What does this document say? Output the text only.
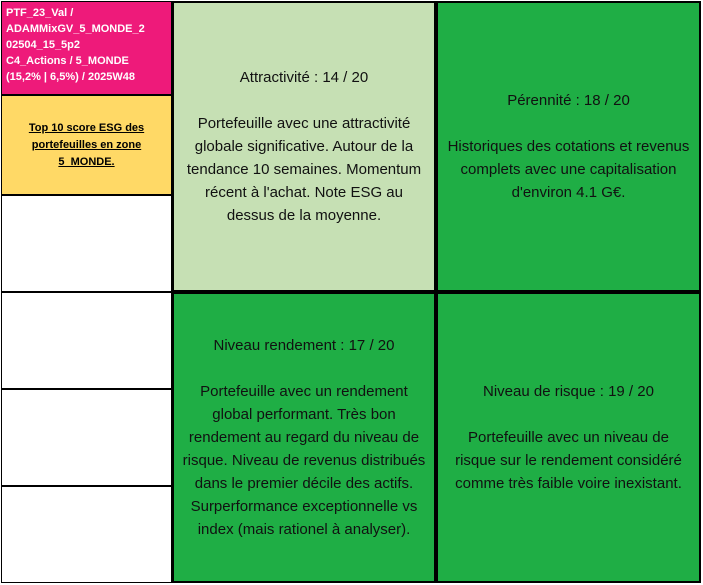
PTF_23_Val /
ADAMMixGV_5_MONDE_2
02504_15_5p2
C4_Actions / 5_MONDE
(15,2% | 6,5%) / 2025W48
Top 10 score ESG des portefeuilles en zone 5_MONDE.
Attractivité : 14 / 20
Portefeuille avec une attractivité globale significative. Autour de la tendance 10 semaines. Momentum récent à l'achat. Note ESG au dessus de la moyenne.
Pérennité : 18 / 20
Historiques des cotations et revenus complets avec une capitalisation d'environ 4.1 G€.
Niveau rendement : 17 / 20
Portefeuille avec un rendement global performant. Très bon rendement au regard du niveau de risque. Niveau de revenus distribués dans le premier décile des actifs. Surperformance exceptionnelle vs index (mais rationel à analyser).
Niveau de risque : 19 / 20
Portefeuille avec un niveau de risque sur le rendement considéré comme très faible voire inexistant.
